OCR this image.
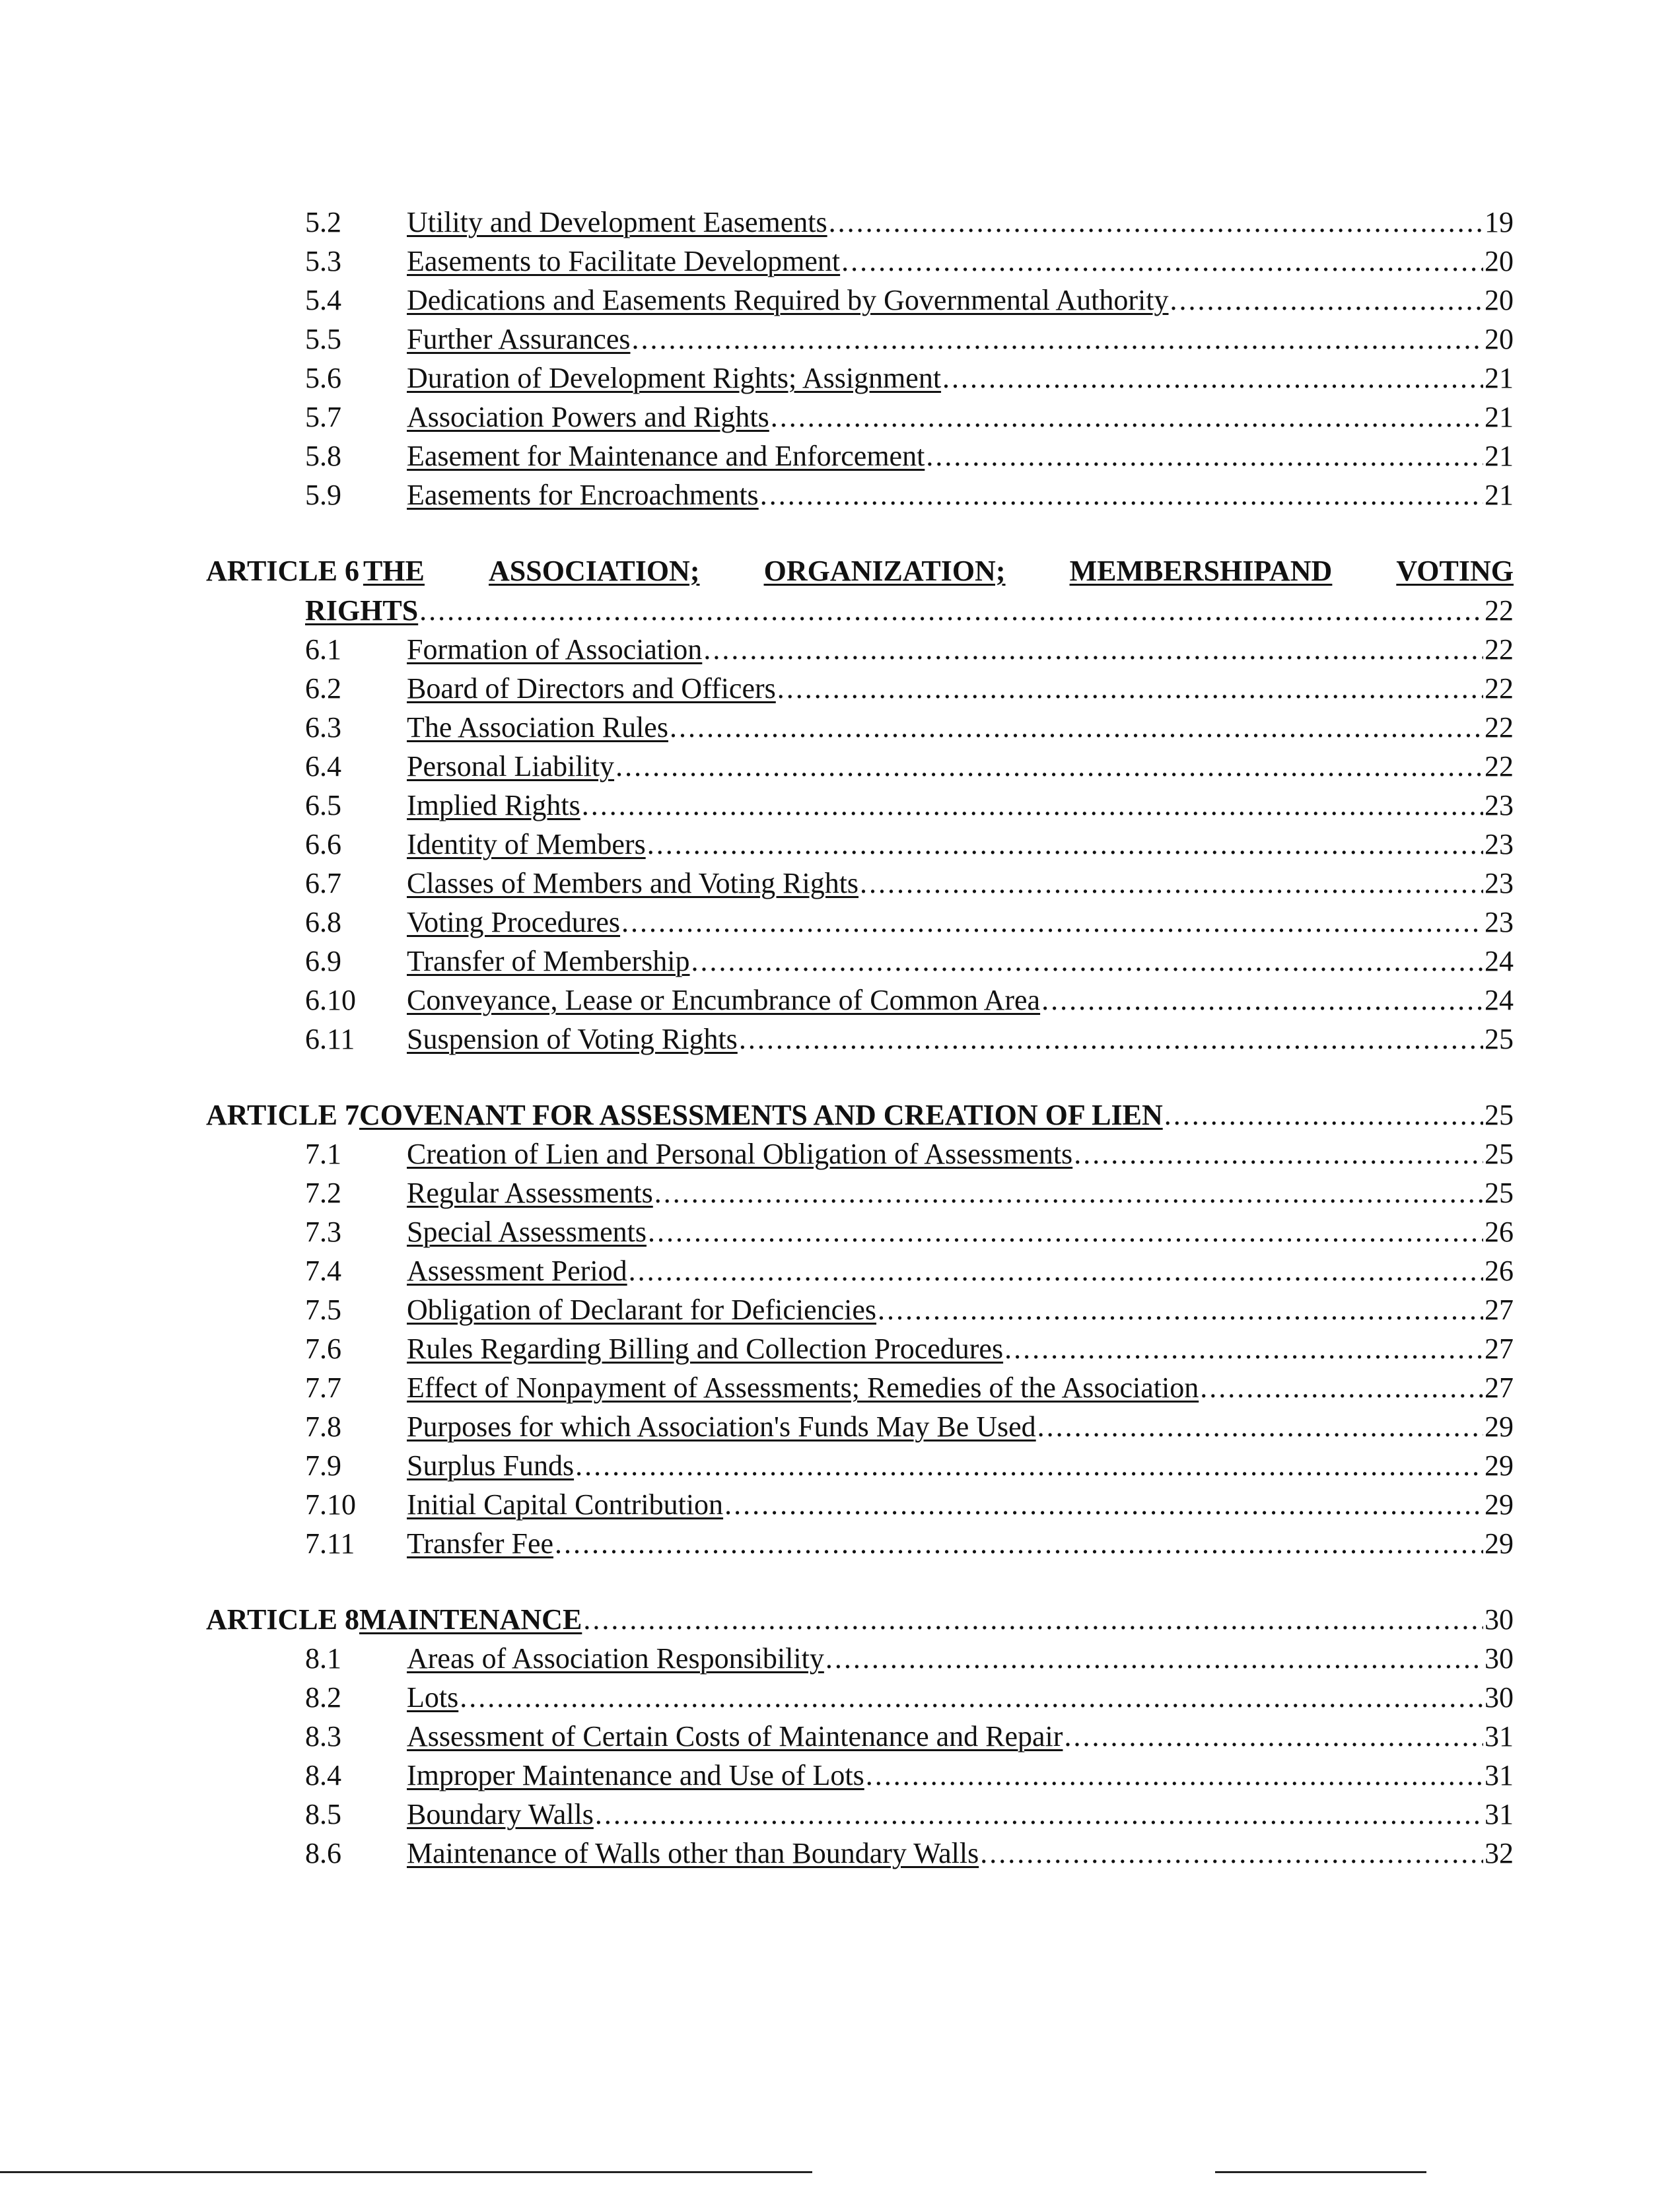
5.2	Utility and Development Easements .....	19
5.3	Easements to Facilitate Development .....	20
5.4	Dedications and Easements Required by Governmental Authority .....	20
5.5	Further Assurances .....	20
5.6	Duration of Development Rights; Assignment .....	21
5.7	Association Powers and Rights .....	21
5.8	Easement for Maintenance and Enforcement .....	21
5.9	Easements for Encroachments .....	21
ARTICLE 6 THE ASSOCIATION; ORGANIZATION; MEMBERSHIPAND VOTING
RIGHTS .....	22
6.1	Formation of Association .....	22
6.2	Board of Directors and Officers .....	22
6.3	The Association Rules .....	22
6.4	Personal Liability .....	22
6.5	Implied Rights .....	23
6.6	Identity of Members .....	23
6.7	Classes of Members and Voting Rights .....	23
6.8	Voting Procedures .....	23
6.9	Transfer of Membership .....	24
6.10	Conveyance, Lease or Encumbrance of Common Area .....	24
6.11	Suspension of Voting Rights .....	25
ARTICLE 7 COVENANT FOR ASSESSMENTS AND CREATION OF LIEN .....	25
7.1	Creation of Lien and Personal Obligation of Assessments .....	25
7.2	Regular Assessments .....	25
7.3	Special Assessments .....	26
7.4	Assessment Period .....	26
7.5	Obligation of Declarant for Deficiencies .....	27
7.6	Rules Regarding Billing and Collection Procedures .....	27
7.7	Effect of Nonpayment of Assessments; Remedies of the Association .....	27
7.8	Purposes for which Association's Funds May Be Used .....	29
7.9	Surplus Funds .....	29
7.10	Initial Capital Contribution .....	29
7.11	Transfer Fee .....	29
ARTICLE 8 MAINTENANCE .....	30
8.1	Areas of Association Responsibility .....	30
8.2	Lots .....	30
8.3	Assessment of Certain Costs of Maintenance and Repair .....	31
8.4	Improper Maintenance and Use of Lots .....	31
8.5	Boundary Walls .....	31
8.6	Maintenance of Walls other than Boundary Walls .....	32
